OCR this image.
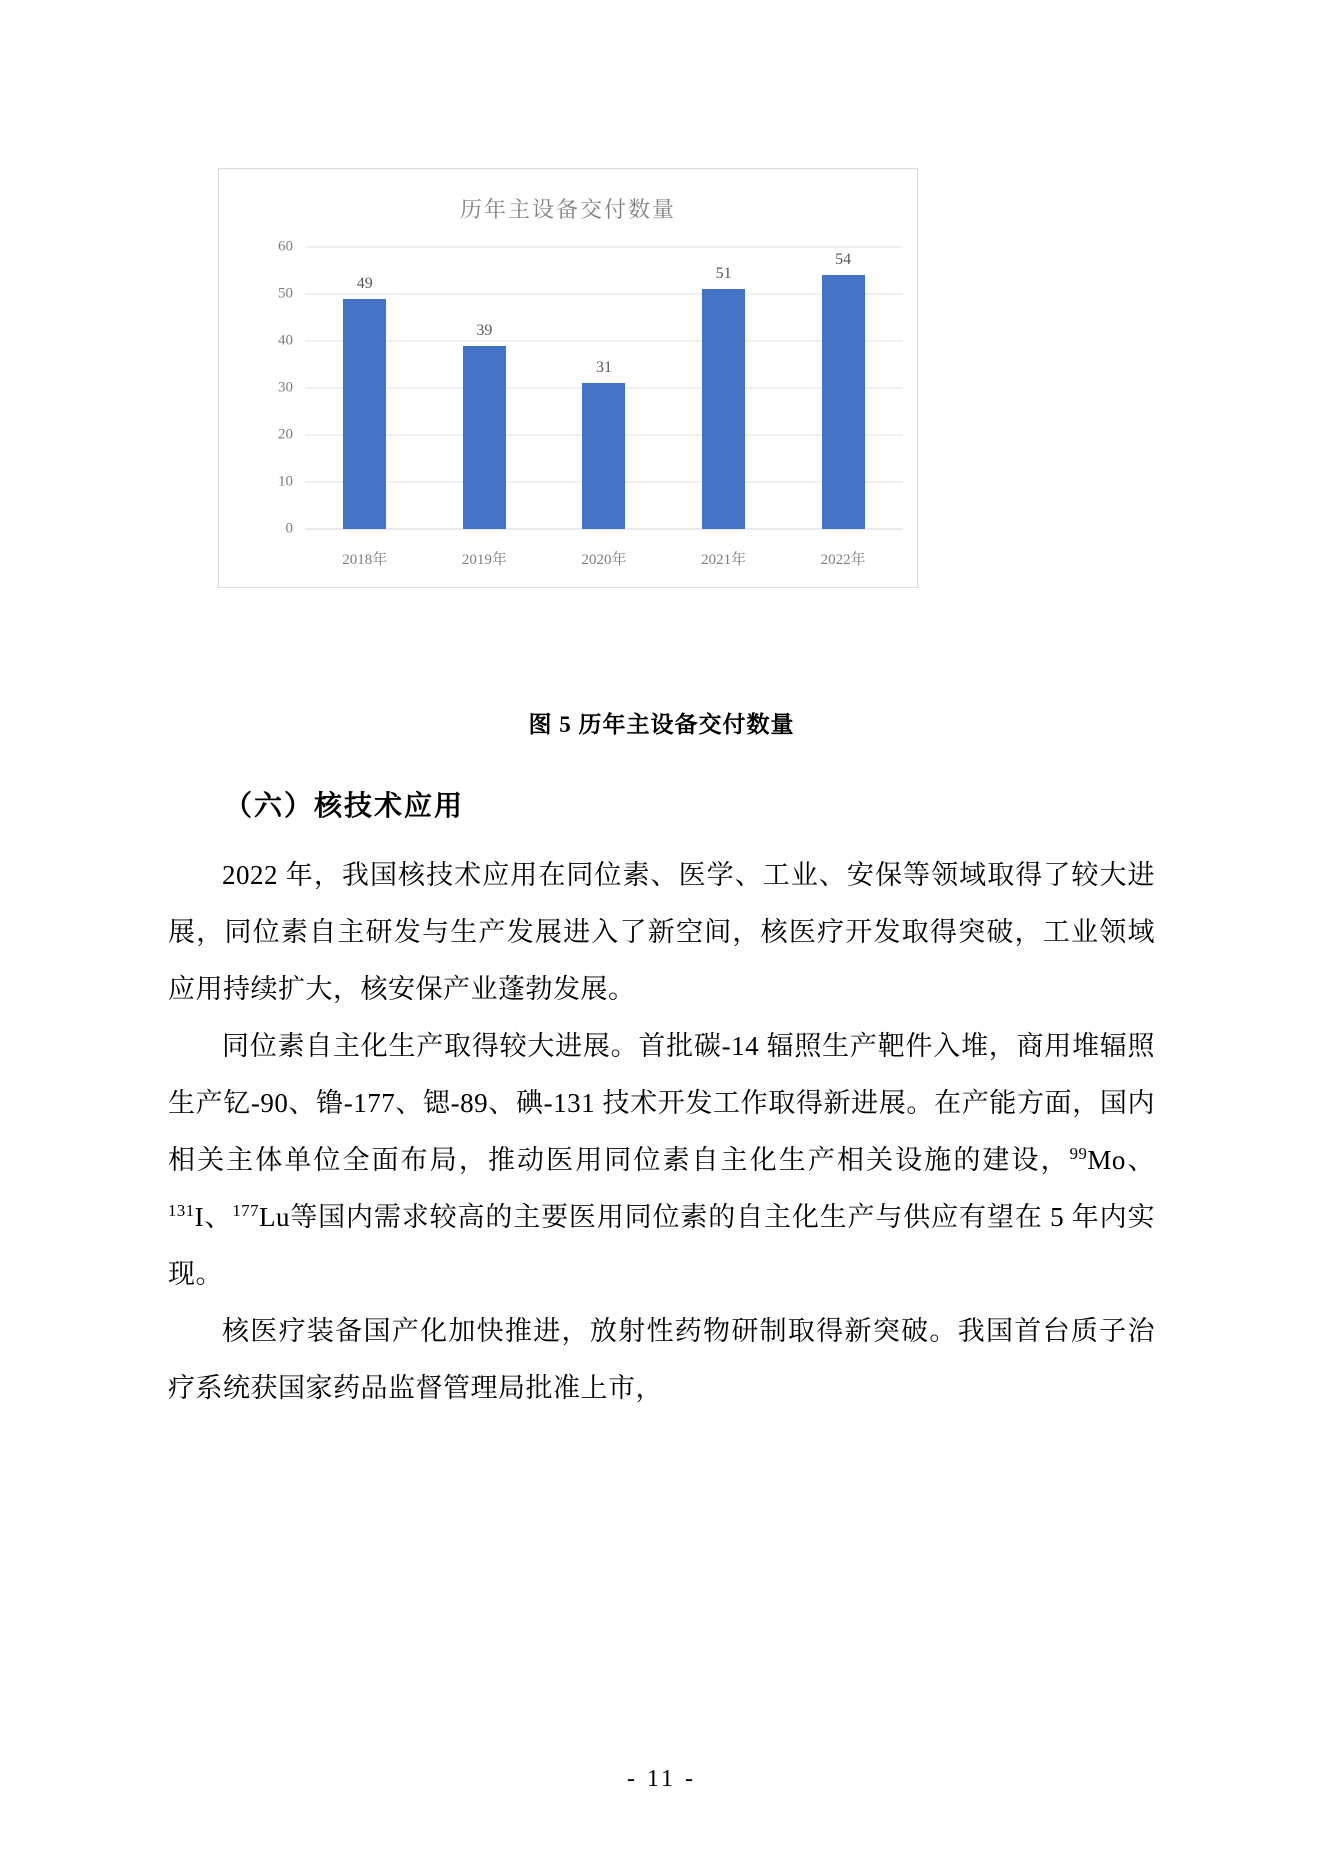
历年主设备交付数量
0
10
20
30
40
50
60
49
39
31
51
54
2018年	2019年	2020年	2021年	2022年
图 5 历年主设备交付数量
（六）核技术应用

2022 年，我国核技术应用在同位素、医学、工业、安保等领域取得了较大进展，同位素自主研发与生产发展进入了新空间，核医疗开发取得突破，工业领域应用持续扩大，核安保产业蓬勃发展。

同位素自主化生产取得较大进展。首批碳-14 辐照生产靶件入堆，商用堆辐照生产钇-90、镥-177、锶-89、碘-131 技术开发工作取得新进展。在产能方面，国内相关主体单位全面布局，推动医用同位素自主化生产相关设施的建设，$^{99}$Mo、$^{131}$I、$^{177}$Lu等国内需求较高的主要医用同位素的自主化生产与供应有望在 5 年内实现。

核医疗装备国产化加快推进，放射性药物研制取得新突破。我国首台质子治疗系统获国家药品监督管理局批准上市，

- 11 -
